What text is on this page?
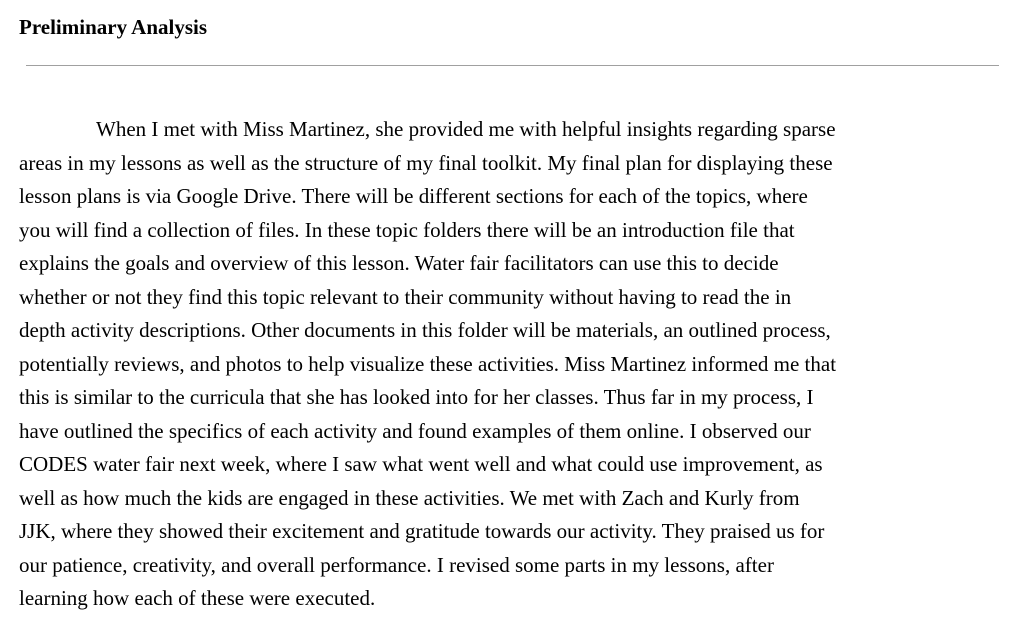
Preliminary Analysis
When I met with Miss Martinez, she provided me with helpful insights regarding sparse
areas in my lessons as well as the structure of my final toolkit. My final plan for displaying these
lesson plans is via Google Drive. There will be different sections for each of the topics, where
you will find a collection of files. In these topic folders there will be an introduction file that
explains the goals and overview of this lesson. Water fair facilitators can use this to decide
whether or not they find this topic relevant to their community without having to read the in
depth activity descriptions. Other documents in this folder will be materials, an outlined process,
potentially reviews, and photos to help visualize these activities. Miss Martinez informed me that
this is similar to the curricula that she has looked into for her classes. Thus far in my process, I
have outlined the specifics of each activity and found examples of them online. I observed our
CODES water fair next week, where I saw what went well and what could use improvement, as
well as how much the kids are engaged in these activities. We met with Zach and Kurly from
JJK, where they showed their excitement and gratitude towards our activity. They praised us for
our patience, creativity, and overall performance. I revised some parts in my lessons, after
learning how each of these were executed.
